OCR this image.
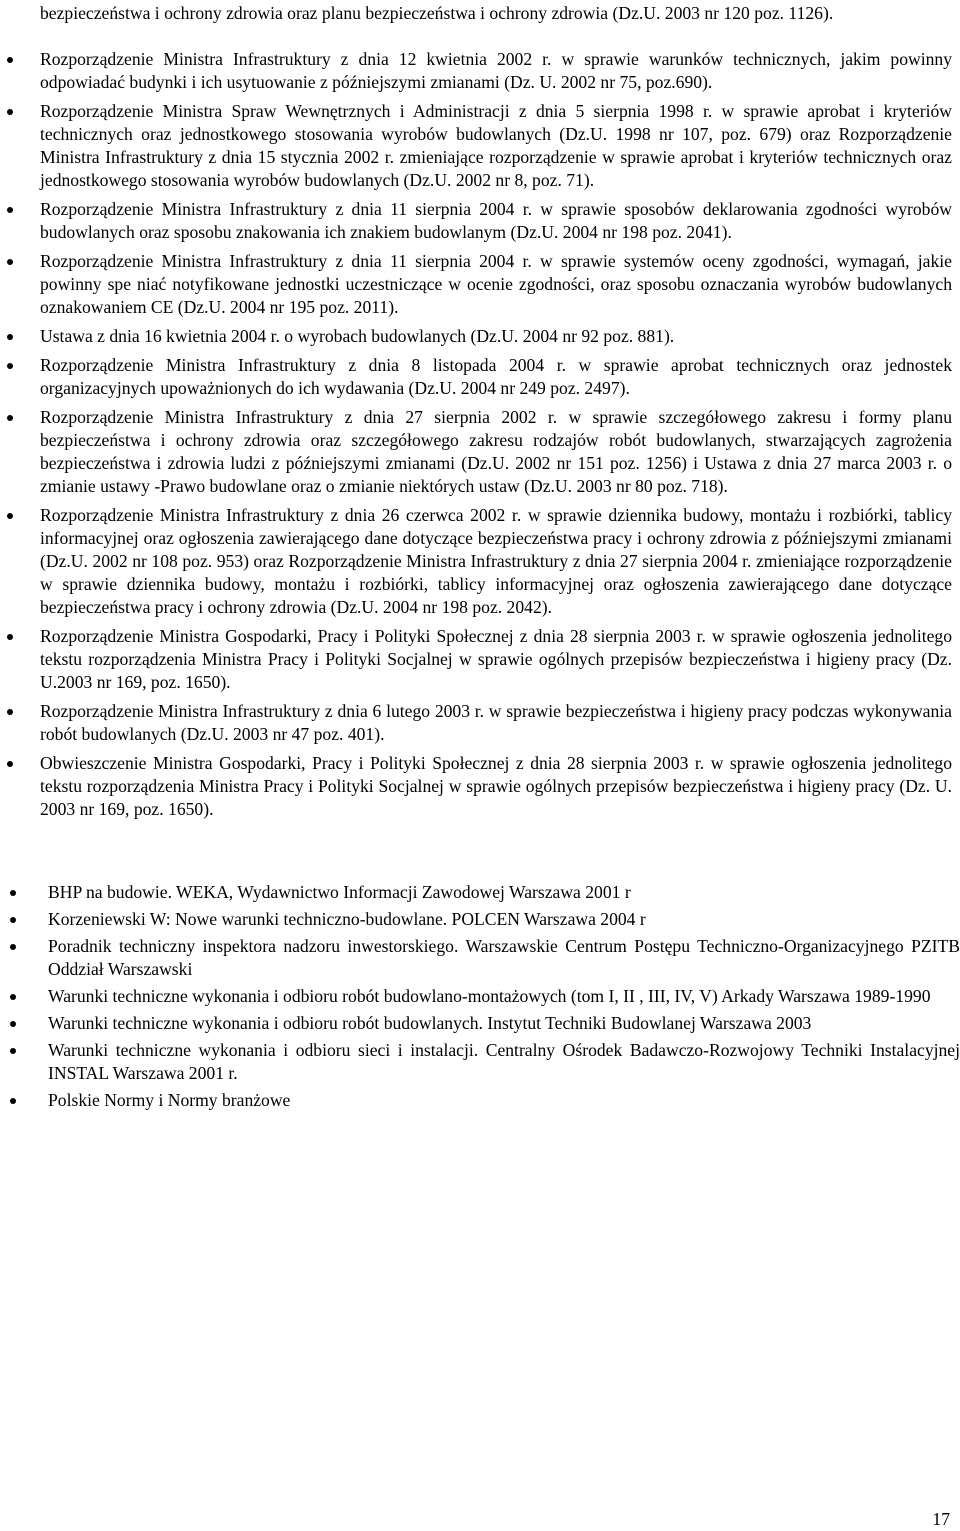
bezpieczeństwa i ochrony zdrowia oraz planu bezpieczeństwa i ochrony zdrowia (Dz.U. 2003 nr 120 poz. 1126).

Rozporządzenie Ministra Infrastruktury z dnia 12 kwietnia 2002 r. w sprawie warunków technicznych, jakim powinny odpowiadać budynki i ich usytuowanie z późniejszymi zmianami (Dz. U. 2002 nr 75, poz.690).
Rozporządzenie Ministra Spraw Wewnętrznych i Administracji z dnia 5 sierpnia 1998 r. w sprawie aprobat i kryteriów technicznych oraz jednostkowego stosowania wyrobów budowlanych (Dz.U. 1998 nr 107, poz. 679) oraz Rozporządzenie Ministra Infrastruktury z dnia 15 stycznia 2002 r. zmieniające rozporządzenie w sprawie aprobat i kryteriów technicznych oraz jednostkowego stosowania wyrobów budowlanych (Dz.U. 2002 nr 8, poz. 71).
Rozporządzenie Ministra Infrastruktury z dnia 11 sierpnia 2004 r. w sprawie sposobów deklarowania zgodności wyrobów budowlanych oraz sposobu znakowania ich znakiem budowlanym (Dz.U. 2004 nr 198 poz. 2041).
Rozporządzenie Ministra Infrastruktury z dnia 11 sierpnia 2004 r. w sprawie systemów oceny zgodności, wymagań, jakie powinny spe niać notyfikowane jednostki uczestniczące w ocenie zgodności, oraz sposobu oznaczania wyrobów budowlanych oznakowaniem CE (Dz.U. 2004 nr 195 poz. 2011).
Ustawa z dnia 16 kwietnia 2004 r. o wyrobach budowlanych (Dz.U. 2004 nr 92 poz. 881).
Rozporządzenie Ministra Infrastruktury z dnia 8 listopada 2004 r. w sprawie aprobat technicznych oraz jednostek organizacyjnych upoważnionych do ich wydawania (Dz.U. 2004 nr 249 poz. 2497).
Rozporządzenie Ministra Infrastruktury z dnia 27 sierpnia 2002 r. w sprawie szczegółowego zakresu i formy planu bezpieczeństwa i ochrony zdrowia oraz szczegółowego zakresu rodzajów robót budowlanych, stwarzających zagrożenia bezpieczeństwa i zdrowia ludzi z późniejszymi zmianami (Dz.U. 2002 nr 151 poz. 1256) i Ustawa z dnia 27 marca 2003 r. o zmianie ustawy -Prawo budowlane oraz o zmianie niektórych ustaw (Dz.U. 2003 nr 80 poz. 718).
Rozporządzenie Ministra Infrastruktury z dnia 26 czerwca 2002 r. w sprawie dziennika budowy, montażu i rozbiórki, tablicy informacyjnej oraz ogłoszenia zawierającego dane dotyczące bezpieczeństwa pracy i ochrony zdrowia z późniejszymi zmianami (Dz.U. 2002 nr 108 poz. 953) oraz Rozporządzenie Ministra Infrastruktury z dnia 27 sierpnia 2004 r. zmieniające rozporządzenie w sprawie dziennika budowy, montażu i rozbiórki, tablicy informacyjnej oraz ogłoszenia zawierającego dane dotyczące bezpieczeństwa pracy i ochrony zdrowia (Dz.U. 2004 nr 198 poz. 2042).
Rozporządzenie Ministra Gospodarki, Pracy i Polityki Społecznej z dnia 28 sierpnia 2003 r. w sprawie ogłoszenia jednolitego tekstu rozporządzenia Ministra Pracy i Polityki Socjalnej w sprawie ogólnych przepisów bezpieczeństwa i higieny pracy (Dz. U.2003 nr 169, poz. 1650).
Rozporządzenie Ministra Infrastruktury z dnia 6 lutego 2003 r. w sprawie bezpieczeństwa i higieny pracy podczas wykonywania robót budowlanych (Dz.U. 2003 nr 47 poz. 401).
Obwieszczenie Ministra Gospodarki, Pracy i Polityki Społecznej z dnia 28 sierpnia 2003 r. w sprawie ogłoszenia jednolitego tekstu rozporządzenia Ministra Pracy i Polityki Socjalnej w sprawie ogólnych przepisów bezpieczeństwa i higieny pracy (Dz. U. 2003 nr 169, poz. 1650).
BHP na budowie. WEKA, Wydawnictwo Informacji Zawodowej Warszawa 2001 r
Korzeniewski W: Nowe warunki techniczno-budowlane. POLCEN Warszawa 2004 r
Poradnik techniczny inspektora nadzoru inwestorskiego. Warszawskie Centrum Postępu Techniczno-Organizacyjnego PZITB Oddział Warszawski
Warunki techniczne wykonania i odbioru robót budowlano-montażowych (tom I, II , III, IV, V) Arkady Warszawa 1989-1990
Warunki techniczne wykonania i odbioru robót budowlanych. Instytut Techniki Budowlanej Warszawa 2003
Warunki techniczne wykonania i odbioru sieci i instalacji. Centralny Ośrodek Badawczo-Rozwojowy Techniki Instalacyjnej INSTAL Warszawa 2001 r.
Polskie Normy i Normy branżowe
17
